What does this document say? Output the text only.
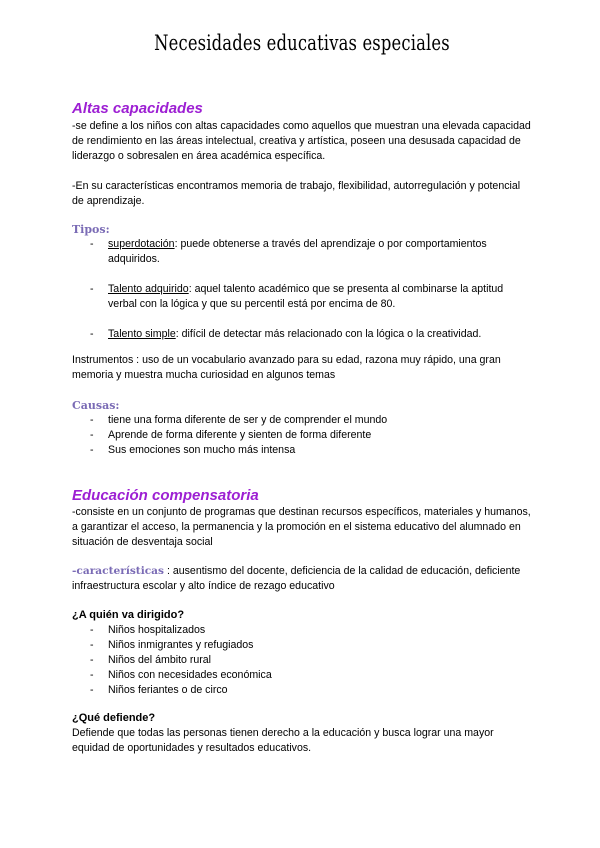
Necesidades educativas especiales
Altas capacidades

-se define a los niños con altas capacidades como aquellos que muestran una elevada capacidad de rendimiento en las áreas intelectual, creativa y artística, poseen una desusada capacidad de liderazgo o sobresalen en área académica específica.

-En su características encontramos memoria de trabajo, flexibilidad, autorregulación y potencial de aprendizaje.

Tipos:
- superdotación: puede obtenerse a través del aprendizaje o por comportamientos adquiridos.
- Talento adquirido: aquel talento académico que se presenta al combinarse la aptitud verbal con la lógica y que su percentil está por encima de 80.
- Talento simple: difícil de detectar más relacionado con la lógica o la creatividad.

Instrumentos : uso de un vocabulario avanzado para su edad, razona muy rápido, una gran memoria y muestra mucha curiosidad en algunos temas

Causas:
- tiene una forma diferente de ser y de comprender el mundo
- Aprende de forma diferente y sienten de forma diferente
- Sus emociones son mucho más intensa
Educación compensatoria

-consiste en un conjunto de programas que destinan recursos específicos, materiales y humanos, a garantizar el acceso, la permanencia y la promoción en el sistema educativo del alumnado en situación de desventaja social

-características : ausentismo del docente, deficiencia de la calidad de educación, deficiente infraestructura escolar y alto índice de rezago educativo

¿A quién va dirigido?
- Niños hospitalizados
- Niños inmigrantes y refugiados
- Niños del ámbito rural
- Niños con necesidades económica
- Niños feriantes o de circo
¿Qué defiende?

Defiende que todas las personas tienen derecho a la educación y busca lograr una mayor equidad de oportunidades y resultados educativos.
